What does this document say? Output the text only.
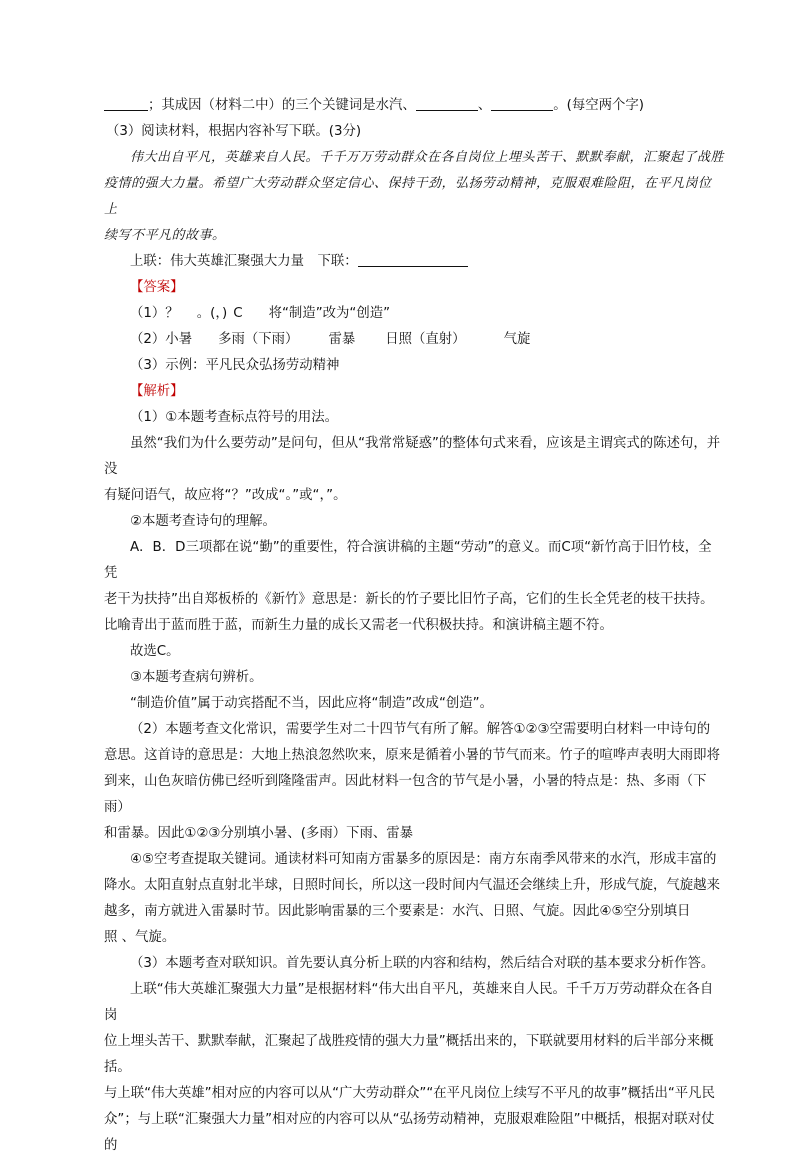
；其成因（材料二中）的三个关键词是水汽、	、	。(每空两个字)

（3）阅读材料，根据内容补写下联。(3分)

伟大出自平凡，英雄来自人民。千千万万劳动群众在各自岗位上埋头苦干、默默奉献，汇聚起了战胜

疫情的强大力量。希望广大劳动群众坚定信心、保持干劲，弘扬劳动精神，克服艰难险阻，在平凡岗位上

续写不平凡的故事。

上联：伟大英雄汇聚强大力量　下联：

【答案】

（1）？ 。(，) C 将“制造”改为“创造”

（2）小暑 多雨（下雨） 雷暴 日照（直射）	气旋

（3）示例：平凡民众弘扬劳动精神

【解析】

（1）①本题考查标点符号的用法。

虽然“我们为什么要劳动”是问句，但从“我常常疑惑”的整体句式来看，应该是主谓宾式的陈述句，并没

有疑问语气，故应将“？”改成“。”或“，”。

②本题考查诗句的理解。

A．B．D三项都在说“勤”的重要性，符合演讲稿的主题“劳动”的意义。而C项“新竹高于旧竹枝，全凭

老干为扶持”出自郑板桥的《新竹》意思是：新长的竹子要比旧竹子高，它们的生长全凭老的枝干扶持。

比喻青出于蓝而胜于蓝，而新生力量的成长又需老一代积极扶持。和演讲稿主题不符。

故选C。

③本题考查病句辨析。

“制造价值”属于动宾搭配不当，因此应将“制造”改成“创造”。

（2）本题考查文化常识，需要学生对二十四节气有所了解。解答①②③空需要明白材料一中诗句的

意思。这首诗的意思是：大地上热浪忽然吹来，原来是循着小暑的节气而来。竹子的喧哗声表明大雨即将

到来，山色灰暗仿佛已经听到隆隆雷声。因此材料一包含的节气是小暑，小暑的特点是：热、多雨（下雨）

和雷暴。因此①②③分别填小暑、(多雨）下雨、雷暴

④⑤空考查提取关键词。通读材料可知南方雷暴多的原因是：南方东南季风带来的水汽，形成丰富的

降水。太阳直射点直射北半球，日照时间长，所以这一段时间内气温还会继续上升，形成气旋，气旋越来

越多，南方就进入雷暴时节。因此影响雷暴的三个要素是：水汽、日照、气旋。因此④⑤空分别填日

照 、气旋。

（3）本题考查对联知识。首先要认真分析上联的内容和结构，然后结合对联的基本要求分析作答。

上联“伟大英雄汇聚强大力量”是根据材料“伟大出自平凡，英雄来自人民。千千万万劳动群众在各自岗

位上埋头苦干、默默奉献，汇聚起了战胜疫情的强大力量”概括出来的，下联就要用材料的后半部分来概括。

与上联“伟大英雄”相对应的内容可以从“广大劳动群众”“在平凡岗位上续写不平凡的故事”概括出“平凡民

众”；与上联“汇聚强大力量”相对应的内容可以从“弘扬劳动精神，克服艰难险阻”中概括，根据对联对仗的
